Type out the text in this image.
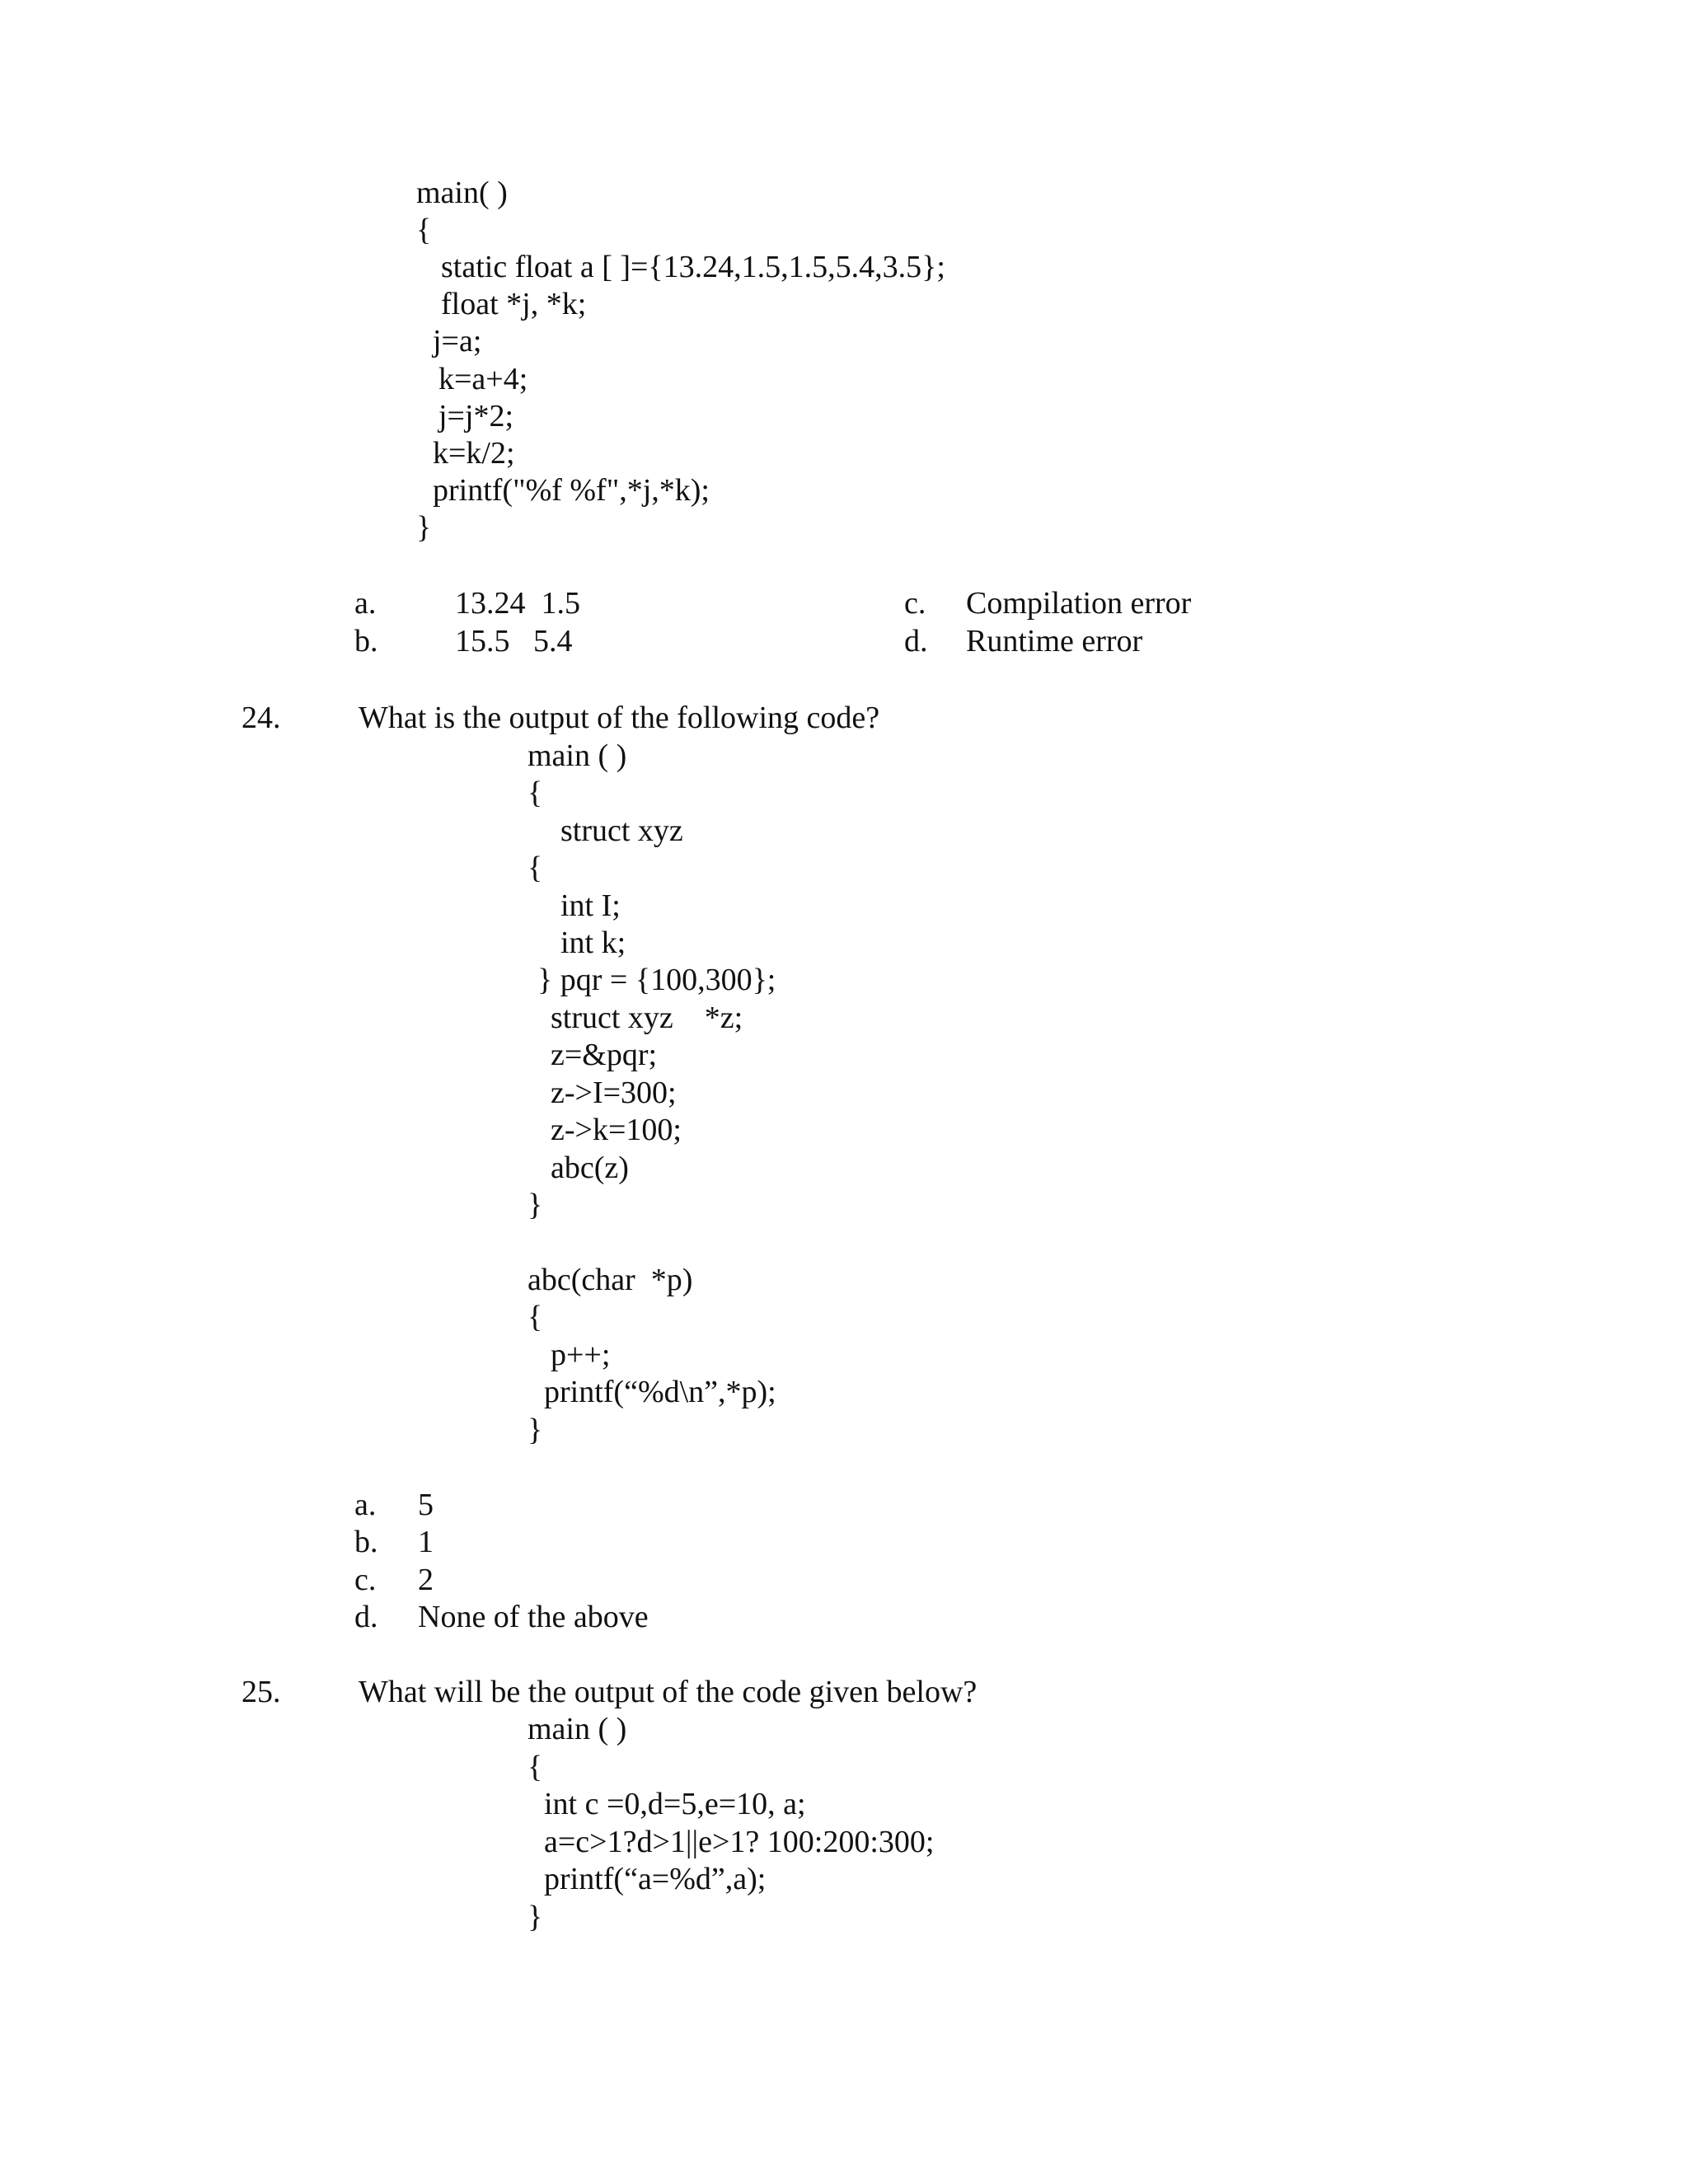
main( )
{
static float a [ ]={13.24,1.5,1.5,5.4,3.5};
float *j, *k;
j=a;
k=a+4;
j=j*2;
k=k/2;
printf("%f %f",*j,*k);
}
a.	13.24  1.5
b. 15.5   5.4
c. Compilation error
d. Runtime error
24. What is the output of the following code?
main ( )
{
struct xyz
{
int I;
int k;
} pqr = {100,300};
struct xyz    *z;
z=&pqr;
z->I=300;
z->k=100;
abc(z)
}
abc(char  *p)
{
p++;
printf(“%d\n”,*p);
}
a. 5
b. 1
c. 2
d. None of the above
25. What will be the output of the code given below?
main ( )
{
int c =0,d=5,e=10, a;
a=c>1?d>1||e>1? 100:200:300;
printf(“a=%d”,a);
}
